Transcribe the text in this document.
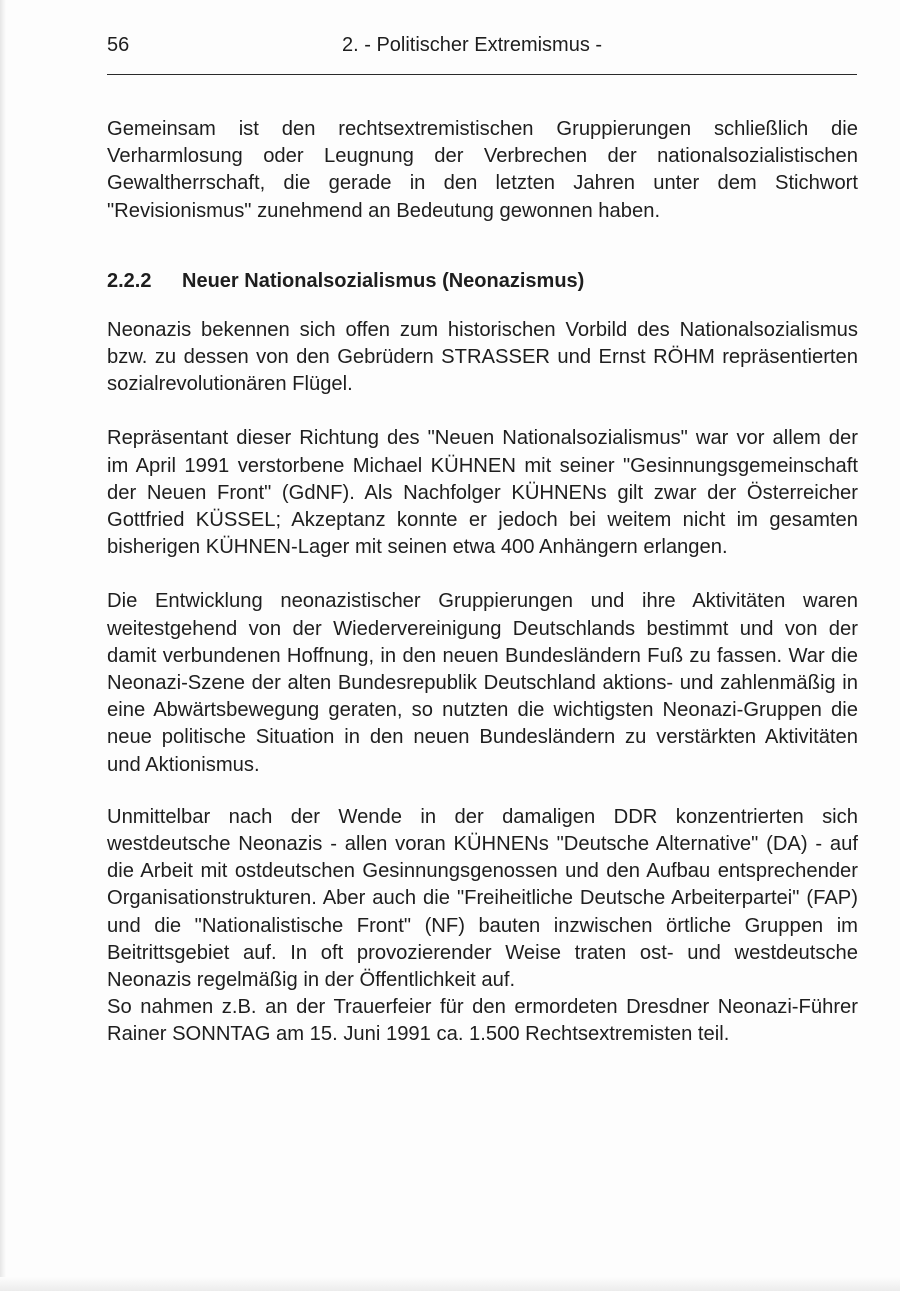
56	2. - Politischer Extremismus -

Gemeinsam ist den rechtsextremistischen Gruppierungen schließlich die Verharmlosung oder Leugnung der Verbrechen der nationalsozialistischen Gewaltherrschaft, die gerade in den letzten Jahren unter dem Stichwort "Revisionismus" zunehmend an Bedeutung gewonnen haben.

2.2.2	Neuer Nationalsozialismus (Neonazismus)

Neonazis bekennen sich offen zum historischen Vorbild des Nationalsozialismus bzw. zu dessen von den Gebrüdern STRASSER und Ernst RÖHM repräsentierten sozialrevolutionären Flügel.

Repräsentant dieser Richtung des "Neuen Nationalsozialismus" war vor allem der im April 1991 verstorbene Michael KÜHNEN mit seiner "Gesinnungsgemeinschaft der Neuen Front" (GdNF). Als Nachfolger KÜHNENs gilt zwar der Österreicher Gottfried KÜSSEL; Akzeptanz konnte er jedoch bei weitem nicht im gesamten bisherigen KÜHNEN-Lager mit seinen etwa 400 Anhängern erlangen.

Die Entwicklung neonazistischer Gruppierungen und ihre Aktivitäten waren weitestgehend von der Wiedervereinigung Deutschlands bestimmt und von der damit verbundenen Hoffnung, in den neuen Bundesländern Fuß zu fassen. War die Neonazi-Szene der alten Bundesrepublik Deutschland aktions- und zahlenmäßig in eine Abwärtsbewegung geraten, so nutzten die wichtigsten Neonazi-Gruppen die neue politische Situation in den neuen Bundesländern zu verstärkten Aktivitäten und Aktionismus.

Unmittelbar nach der Wende in der damaligen DDR konzentrierten sich westdeutsche Neonazis - allen voran KÜHNENs "Deutsche Alternative" (DA) - auf die Arbeit mit ostdeutschen Gesinnungsgenossen und den Aufbau entsprechender Organisationstrukturen. Aber auch die "Freiheitliche Deutsche Arbeiterpartei" (FAP) und die "Nationalistische Front" (NF) bauten inzwischen örtliche Gruppen im Beitrittsgebiet auf. In oft provozierender Weise traten ost- und westdeutsche Neonazis regelmäßig in der Öffentlichkeit auf.

So nahmen z.B. an der Trauerfeier für den ermordeten Dresdner Neonazi-Führer Rainer SONNTAG am 15. Juni 1991 ca. 1.500 Rechtsextremisten teil.
